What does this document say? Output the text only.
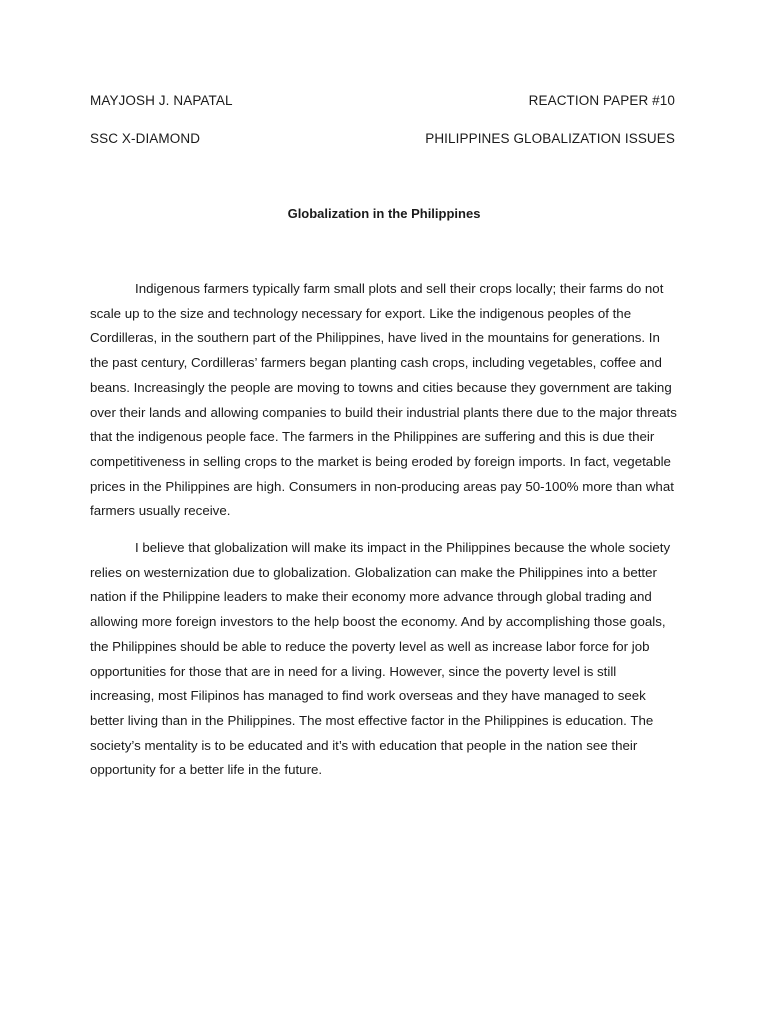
MAYJOSH J. NAPATAL	REACTION PAPER #10
SSC X-DIAMOND	PHILIPPINES GLOBALIZATION ISSUES
Globalization in the Philippines

Indigenous farmers typically farm small plots and sell their crops locally; their farms do not scale up to the size and technology necessary for export. Like the indigenous peoples of the Cordilleras, in the southern part of the Philippines, have lived in the mountains for generations. In the past century, Cordilleras’ farmers began planting cash crops, including vegetables, coffee and beans. Increasingly the people are moving to towns and cities because they government are taking over their lands and allowing companies to build their industrial plants there due to the major threats that the indigenous people face. The farmers in the Philippines are suffering and this is due their competitiveness in selling crops to the market is being eroded by foreign imports. In fact, vegetable prices in the Philippines are high. Consumers in non-producing areas pay 50-100% more than what farmers usually receive.

I believe that globalization will make its impact in the Philippines because the whole society relies on westernization due to globalization. Globalization can make the Philippines into a better nation if the Philippine leaders to make their economy more advance through global trading and allowing more foreign investors to the help boost the economy. And by accomplishing those goals, the Philippines should be able to reduce the poverty level as well as increase labor force for job opportunities for those that are in need for a living. However, since the poverty level is still increasing, most Filipinos has managed to find work overseas and they have managed to seek better living than in the Philippines. The most effective factor in the Philippines is education. The society’s mentality is to be educated and it’s with education that people in the nation see their opportunity for a better life in the future.
